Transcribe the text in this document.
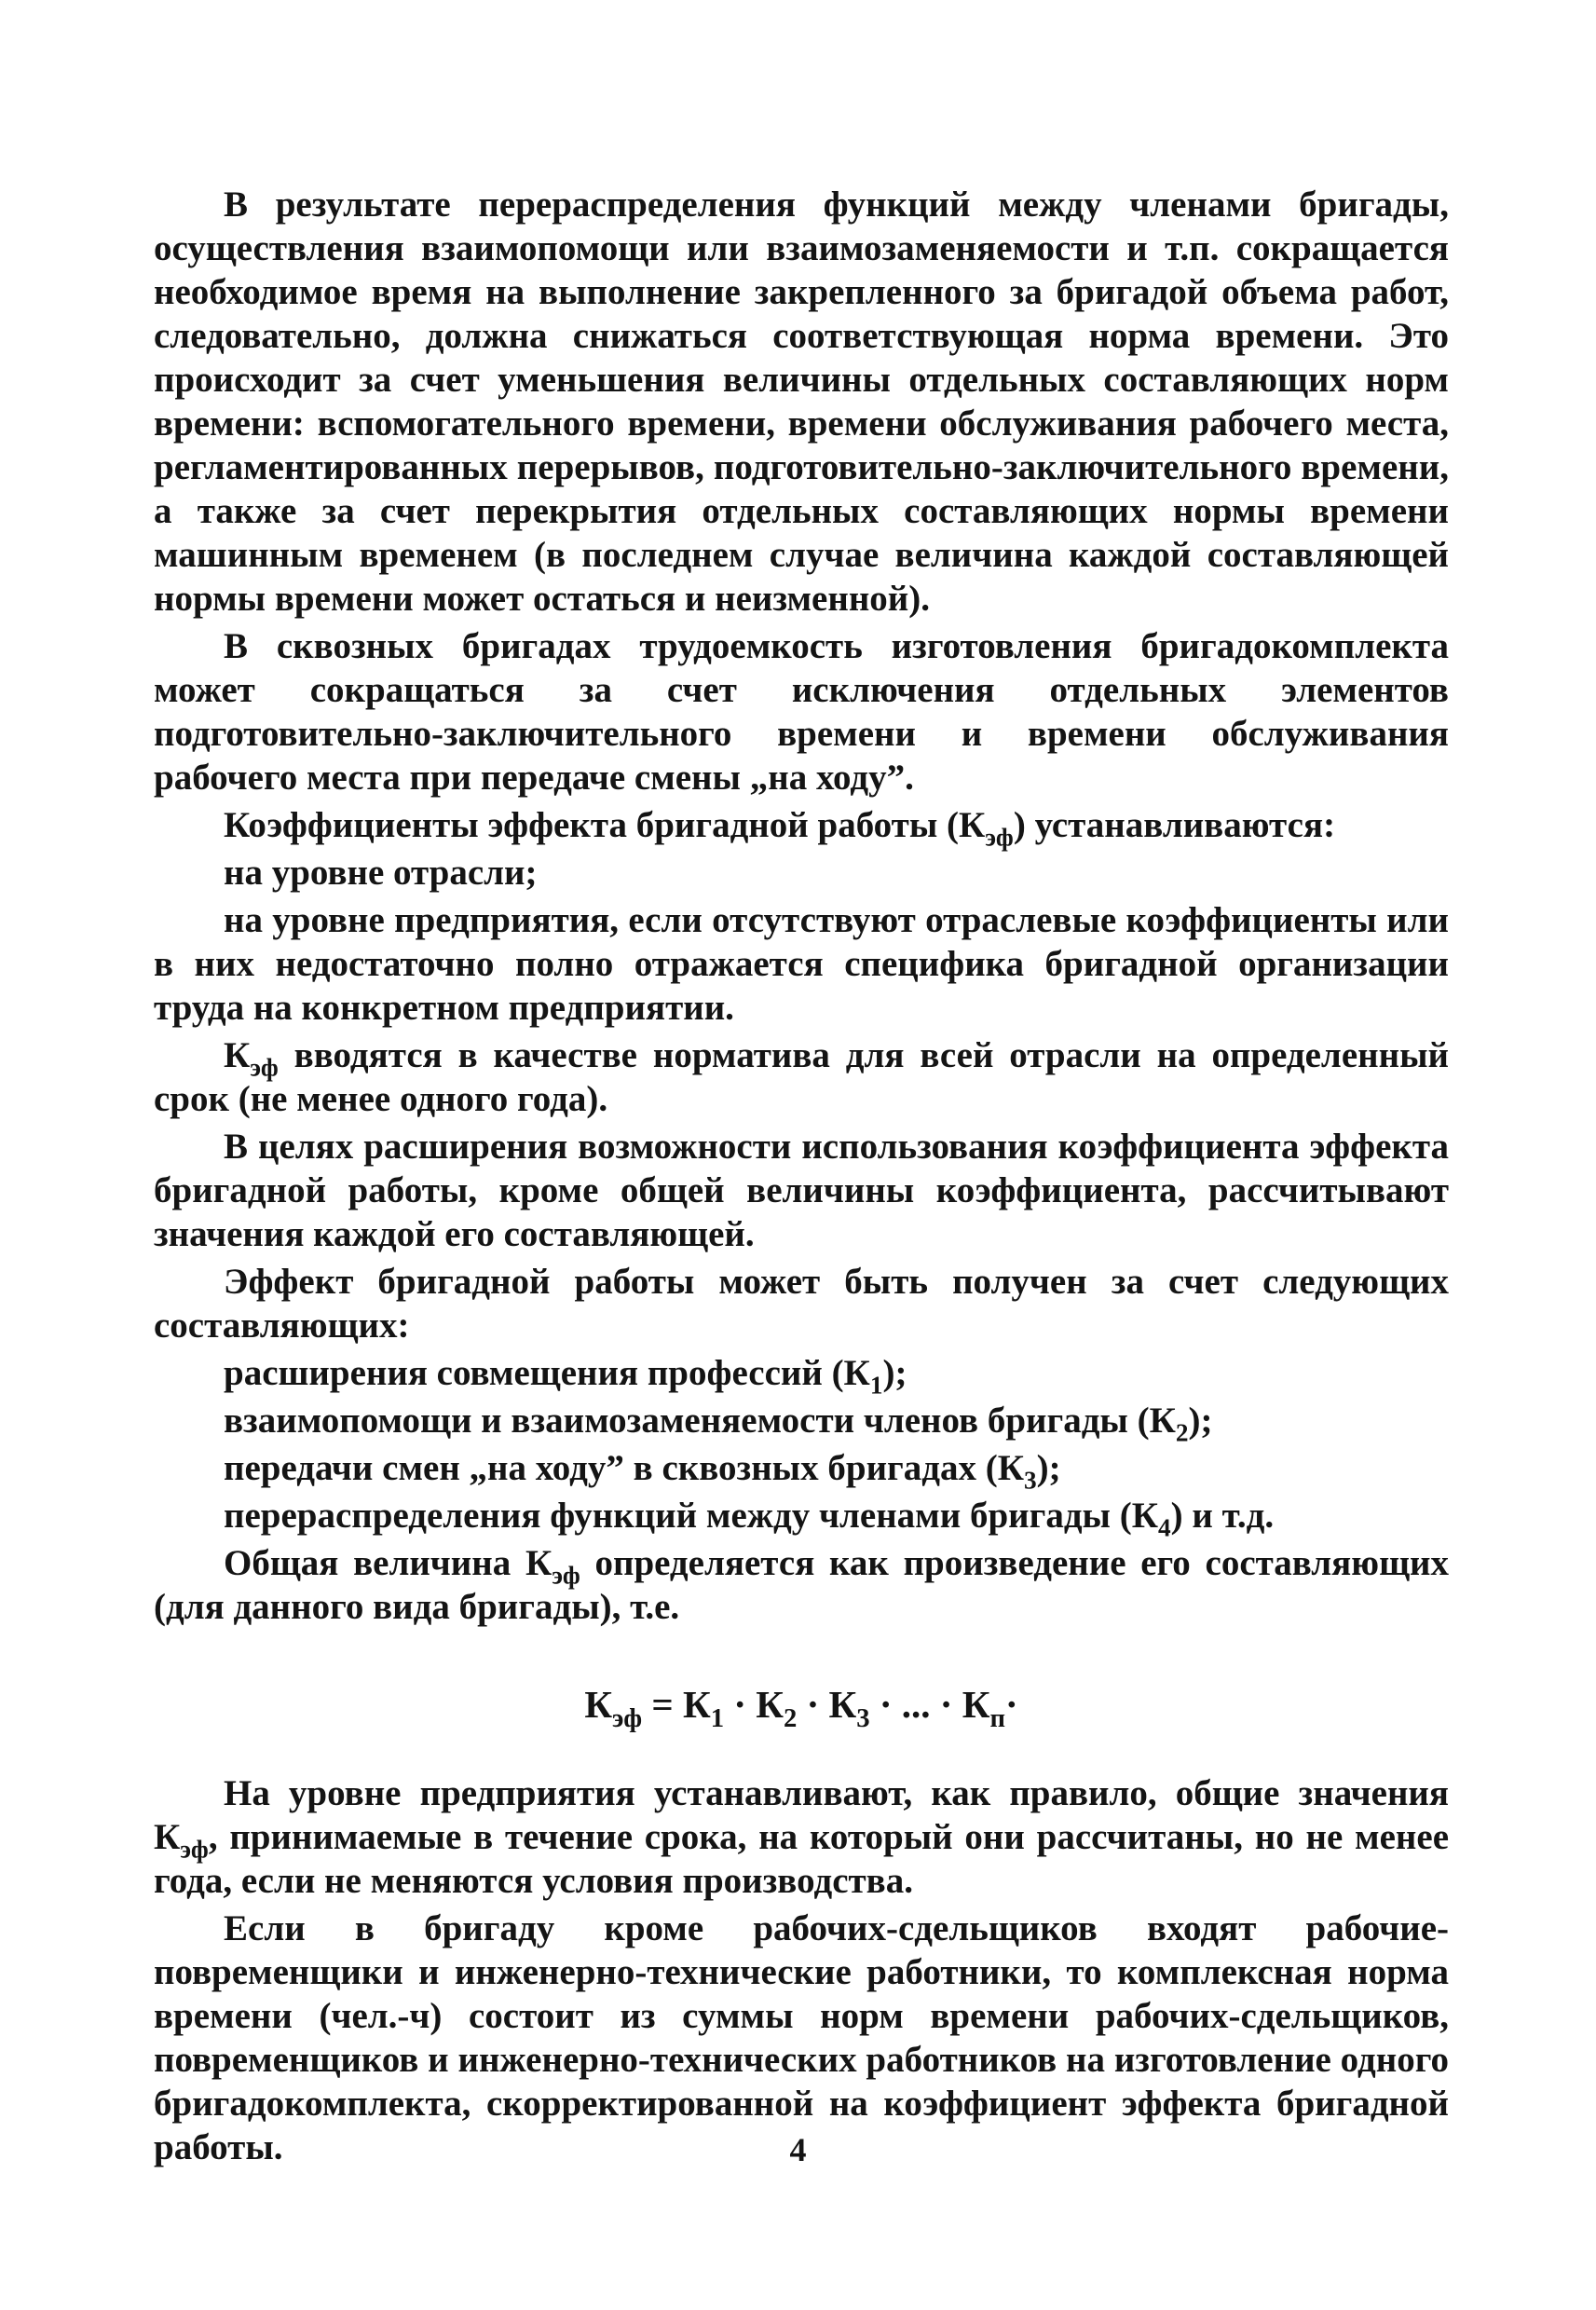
В результате перераспределения функций между членами бригады, осуществления взаимопомощи или взаимозаменяемости и т.п. сокращается необходимое время на выполнение закрепленного за бригадой объема работ, следовательно, должна снижаться соответствующая норма времени. Это происходит за счет уменьшения величины отдельных составляющих норм времени: вспомогательного времени, времени обслуживания рабочего места, регламентированных перерывов, подготовительно-заключительного времени, а также за счет перекрытия отдельных составляющих нормы времени машинным временем (в последнем случае величина каждой составляющей нормы времени может остаться и неизменной).

В сквозных бригадах трудоемкость изготовления бригадокомплекта может сокращаться за счет исключения отдельных элементов подготовительно-заключительного времени и времени обслуживания рабочего места при передаче смены „на ходу”.

Коэффициенты эффекта бригадной работы $(К_{эф})$ устанавливаются:

на уровне отрасли;

на уровне предприятия, если отсутствуют отраслевые коэффициенты или в них недостаточно полно отражается специфика бригадной организации труда на конкретном предприятии.

$К_{эф}$ вводятся в качестве норматива для всей отрасли на определенный срок (не менее одного года).

В целях расширения возможности использования коэффициента эффекта бригадной работы, кроме общей величины коэффициента, рассчитывают значения каждой его составляющей.

Эффект бригадной работы может быть получен за счет следующих составляющих:

расширения совмещения профессий $(К_1)$;

взаимопомощи и взаимозаменяемости членов бригады $(К_2)$;

передачи смен „на ходу” в сквозных бригадах $(К_3)$;

перераспределения функций между членами бригады $(К_4)$ и т.д.

Общая величина $К_{эф}$ определяется как произведение его составляющих (для данного вида бригады), т.е.

$К_{эф} = К_1 \cdot К_2 \cdot К_3$ · ... · $К_п\cdot$

На уровне предприятия устанавливают, как правило, общие значения $К_{эф}$, принимаемые в течение срока, на который они рассчитаны, но не менее года, если не меняются условия производства.

Если в бригаду кроме рабочих-сдельщиков входят рабочие-повременщики и инженерно-технические работники, то комплексная норма времени (чел.-ч) состоит из суммы норм времени рабочих-сдельщиков, повременщиков и инженерно-технических работников на изготовление одного бригадокомплекта, скорректированной на коэффициент эффекта бригадной работы.	4
